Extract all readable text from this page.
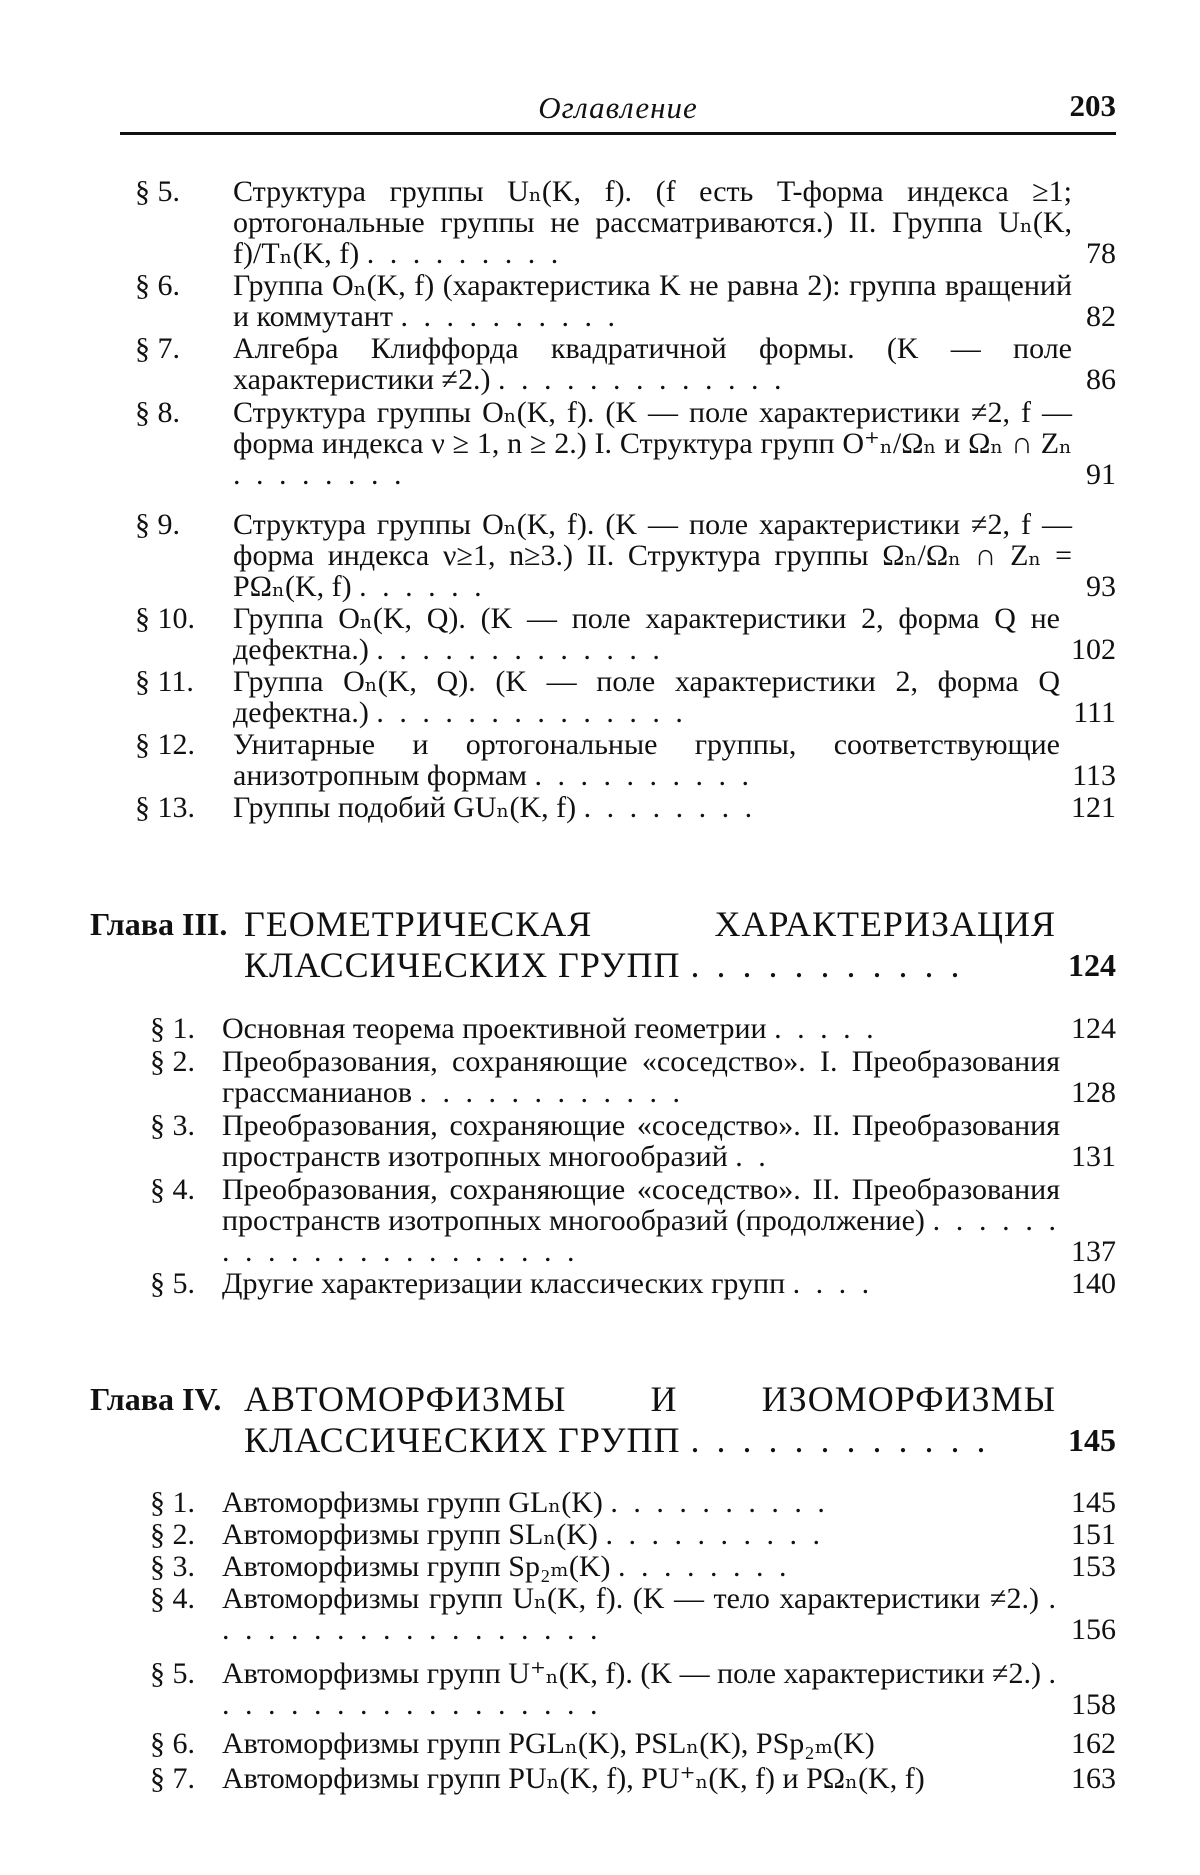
Оглавление	203
§ 5. Структура группы Uₙ(K, f). (f есть T-форма индекса ≥1; ортогональные группы не рассматриваются.) II. Группа Uₙ(K, f)/Tₙ(K, f) . . . . . . . . .	78
§ 6. Группа Oₙ(K, f) (характеристика K не равна 2): группа вращений и коммутант . . . . . . . . . .	82
§ 7. Алгебра Клиффорда квадратичной формы. (K — поле характеристики ≠2.) . . . . . . . . . . . . .	86
§ 8. Структура группы Oₙ(K, f). (K — поле характеристики ≠2, f — форма индекса ν ≥ 1, n ≥ 2.) I. Структура групп O⁺ₙ/Ωₙ и Ωₙ ∩ Zₙ . . . . . . . .	91
§ 9. Структура группы Oₙ(K, f). (K — поле характеристики ≠2, f — форма индекса ν≥1, n≥3.) II. Структура группы Ωₙ/Ωₙ ∩ Zₙ = PΩₙ(K, f) . . . . . .	93
§ 10. Группа Oₙ(K, Q). (K — поле характеристики 2, форма Q не дефектна.) . . . . . . . . . . . . .	102
§ 11. Группа Oₙ(K, Q). (K — поле характеристики 2, форма Q дефектна.) . . . . . . . . . . . . . .	111
§ 12. Унитарные и ортогональные группы, соответствующие анизотропным формам . . . . . . . . . .	113
§ 13. Группы подобий GUₙ(K, f) . . . . . . . .	121
Глава III. ГЕОМЕТРИЧЕСКАЯ ХАРАКТЕРИЗАЦИЯ КЛАССИЧЕСКИХ ГРУПП . . . . . . . . . . .	124
§ 1. Основная теорема проективной геометрии . . . . .	124
§ 2. Преобразования, сохраняющие «соседство». I. Преобразования грассманианов . . . . . . . . . . . .	128
§ 3. Преобразования, сохраняющие «соседство». II. Преобразования пространств изотропных многообразий . .	131
§ 4. Преобразования, сохраняющие «соседство». II. Преобразования пространств изотропных многообразий (продолжение) . . . . . . . . . . . . . . . . . . . . . .	137
§ 5. Другие характеризации классических групп . . . .	140
Глава IV. АВТОМОРФИЗМЫ И ИЗОМОРФИЗМЫ КЛАССИЧЕСКИХ ГРУПП . . . . . . . . . . . .	145
§ 1. Автоморфизмы групп GLₙ(K) . . . . . . . . . .	145
§ 2. Автоморфизмы групп SLₙ(K) . . . . . . . . . .	151
§ 3. Автоморфизмы групп Sp₂ₘ(K) . . . . . . . .	153
§ 4. Автоморфизмы групп Uₙ(K, f). (K — тело характеристики ≠2.) . . . . . . . . . . . . . . . . . .	156
§ 5. Автоморфизмы групп U⁺ₙ(K, f). (K — поле характеристики ≠2.) . . . . . . . . . . . . . . . . . .	158
§ 6. Автоморфизмы групп PGLₙ(K), PSLₙ(K), PSp₂ₘ(K)	162
§ 7. Автоморфизмы групп PUₙ(K, f), PU⁺ₙ(K, f) и PΩₙ(K, f)	163
